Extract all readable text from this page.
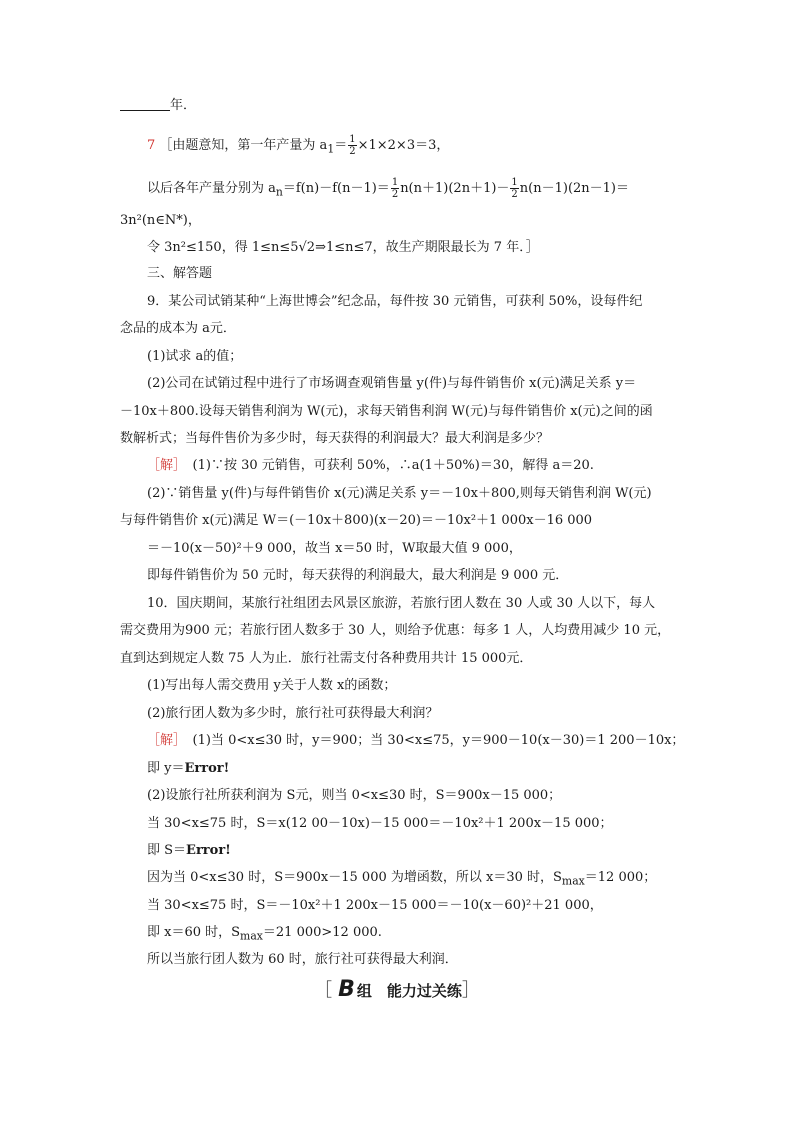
年．
7 ［由题意知，第一年产量为 $a_1= \frac{1}{2} \times 1\times 2\times 3=3$，
以后各年产量分别为 $a_n=f(n)-f(n-1)= \frac{1}{2} n(n+1)(2n+1)- \frac{1}{2} n(n-1)(2n-1)=$
3n²(n∈N*)，
令 3n²≤150，得 1≤n≤5√2⇒1≤n≤7，故生产期限最长为 7 年．］
三、解答题
9．某公司试销某种“上海世博会”纪念品，每件按 30 元销售，可获利 50%，设每件纪
念品的成本为 a元．
(1)试求 a的值；
(2)公司在试销过程中进行了市场调查观销售量 y(件)与每件销售价 x(元)满足关系 y＝
－10x＋800.设每天销售利润为 W(元)，求每天销售利润 W(元)与每件销售价 x(元)之间的函
数解析式；当每件售价为多少时，每天获得的利润最大？最大利润是多少？
［解］　 (1)∵按 30 元销售，可获利 50%，∴a(1＋50%)＝30，解得 a＝20.
(2)∵销售量 y(件)与每件销售价 x(元)满足关系 y＝－10x＋800,则每天销售利润 W(元)
与每件销售价 x(元)满足 W＝(－10x＋800)(x－20)＝－10x²＋1 000x－16 000
＝－10(x－50)²＋9 000，故当 x＝50 时，W取最大值 9 000，
即每件销售价为 50 元时，每天获得的利润最大，最大利润是 9 000 元．
10．国庆期间，某旅行社组团去风景区旅游，若旅行团人数在 30 人或 30 人以下，每人
需交费用为900 元；若旅行团人数多于 30 人，则给予优惠：每多 1 人，人均费用减少 10 元，
直到达到规定人数 75 人为止．旅行社需支付各种费用共计 15 000元．
(1)写出每人需交费用 y关于人数 x的函数；
(2)旅行团人数为多少时，旅行社可获得最大利润？
［解］　 (1)当 0<x≤30 时，y＝900；当 30<x≤75，y＝900－10(x－30)＝1 200－10x；
即 y＝Error!
(2)设旅行社所获利润为 S元，则当 0<x≤30 时，S＝900x－15 000；
当 30<x≤75 时，S＝x(12 00－10x)－15 000＝－10x²＋1 200x－15 000；
即 S＝Error!
因为当 0<x≤30 时，S＝900x－15 000 为增函数，所以 x＝30 时，$S_{max}=12$ 000；
当 30<x≤75 时，S＝－10x²＋1 200x－15 000＝－10(x－60)²＋21 000，
即 x＝60 时，$S_{max}=21$ 000>12 000.
所以当旅行团人数为 60 时，旅行社可获得最大利润．
［ B 组　能力过关练］
